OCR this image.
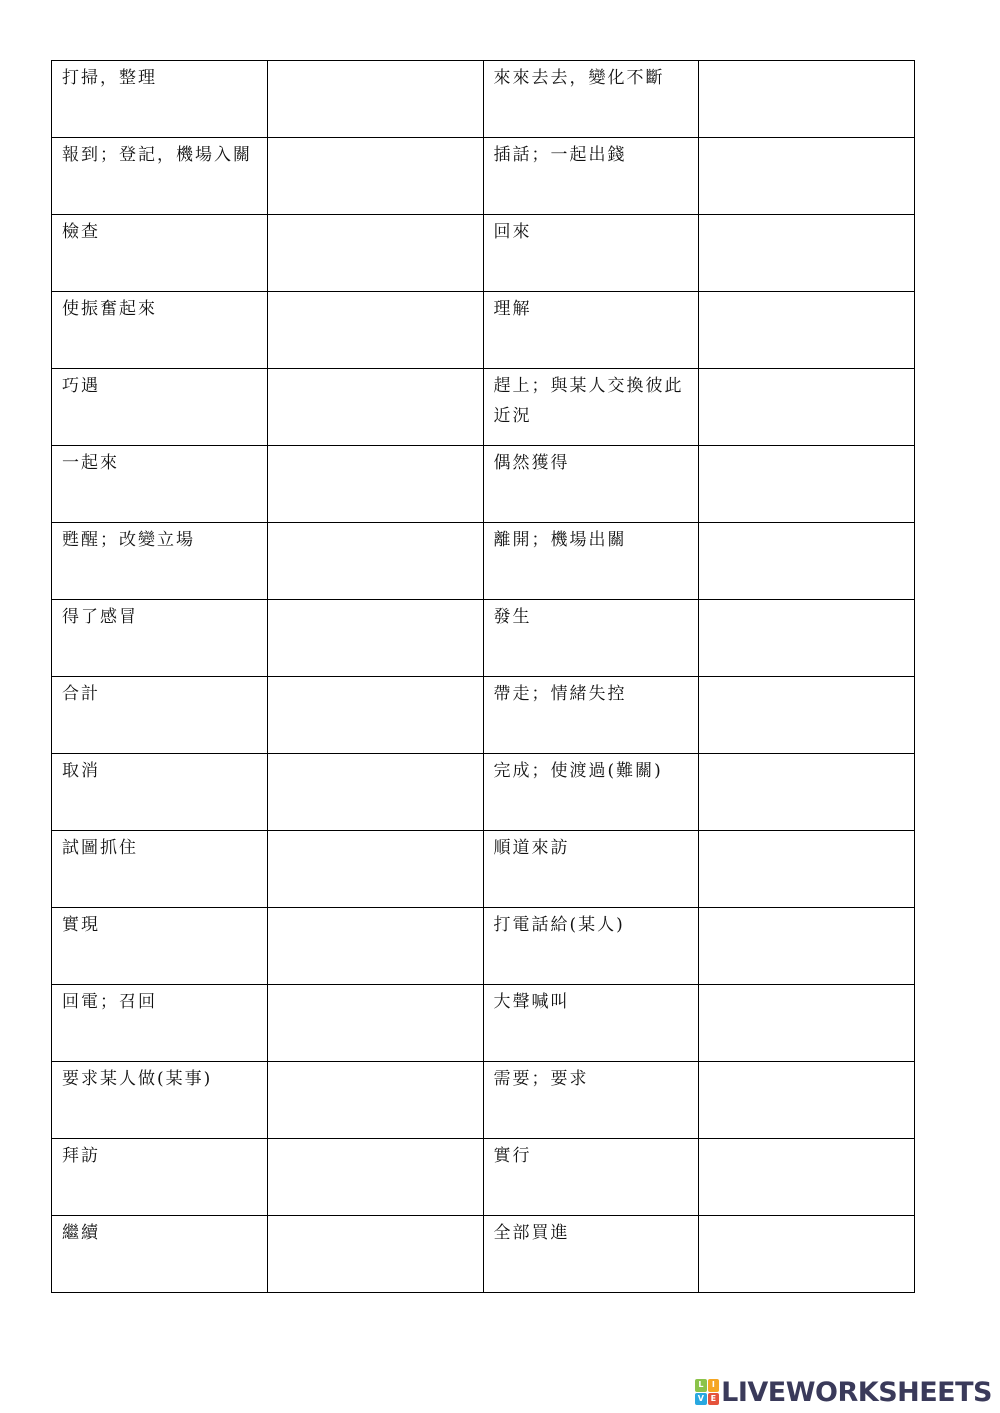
打掃，整理		來來去去，變化不斷	

報到；登記，機場入關		插話；一起出錢	

檢查		回來	

使振奮起來		理解	

巧遇		趕上；與某人交換彼此近況	

一起來		偶然獲得	

甦醒；改變立場		離開；機場出關	

得了感冒		發生	

合計		帶走；情緒失控	

取消		完成；使渡過(難關)	

試圖抓住		順道來訪	

實現		打電話給(某人)	

回電；召回		大聲喊叫	

要求某人做(某事)		需要；要求	

拜訪		實行	

繼續		全部買進	
L	I
V E LIVEWORKSHEETS
